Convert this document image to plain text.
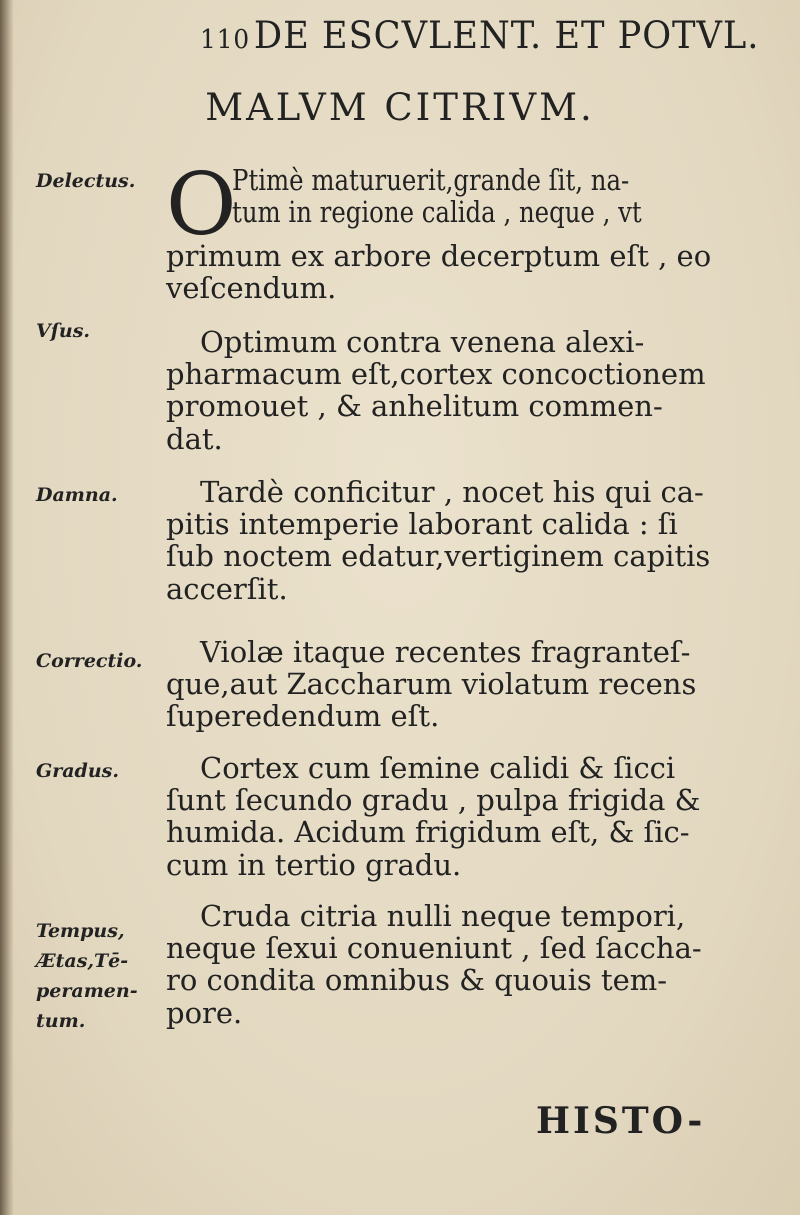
110 DE ESCVLENT. ET POTVL.
MALVM CITRIVM.
Delectus. O
Ptimè maturuerit,grande ſit, na-
tum in regione calida , neque , vt
primum ex arbore decerptum eſt , eo
veſcendum.
Vſus.	Optimum contra venena alexi-
pharmacum eſt,cortex concoctionem
promouet , & anhelitum commen-
dat.
Damna.	Tardè conficitur , nocet his qui ca-
pitis intemperie laborant calida : ſi
ſub noctem edatur,vertiginem capitis
accerſit.
Correctio.	Violæ itaque recentes fragranteſ-
que,aut Zaccharum violatum recens
ſuperedendum eſt.
Gradus.	Cortex cum ſemine calidi & ſicci
ſunt ſecundo gradu , pulpa frigida &
humida. Acidum frigidum eſt, & ſic-
cum in tertio gradu.
Tempus,
Ætas,Tē-
peramen-
tum.
Cruda citria nulli neque tempori,
neque ſexui conueniunt , ſed ſaccha-
ro condita omnibus & quouis tem-
pore.
HISTO-
